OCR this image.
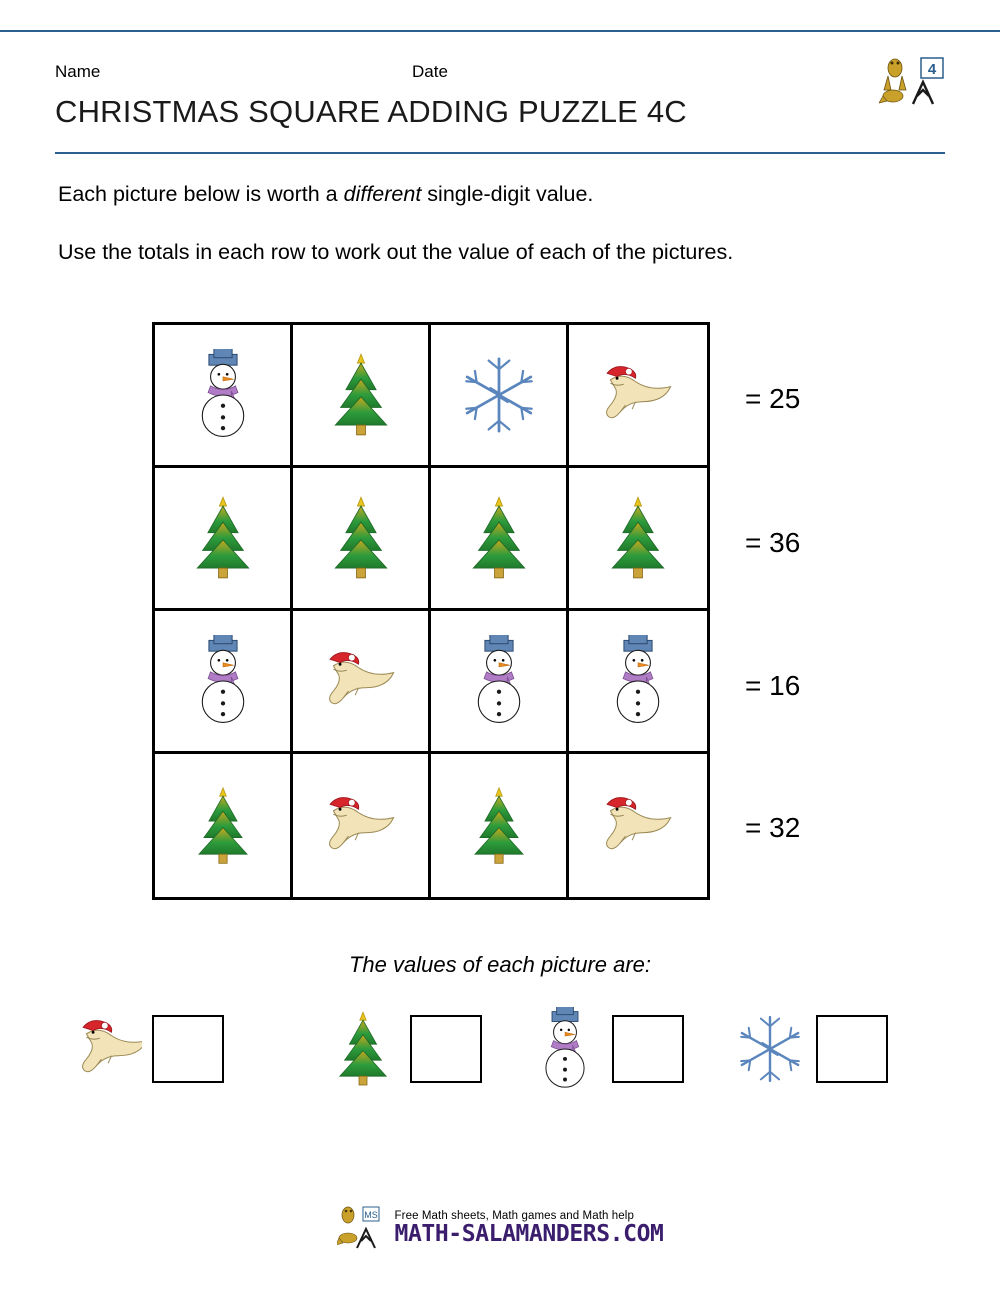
Name	Date
CHRISTMAS SQUARE ADDING PUZZLE 4C
4
Each picture below is worth a different single-digit value.
Use the totals in each row to work out the value of each of the pictures.
= 25
= 36
= 16
= 32
The values of each picture are:
MS Free Math sheets, Math games and Math help
MATH-SALAMANDERS.COM
